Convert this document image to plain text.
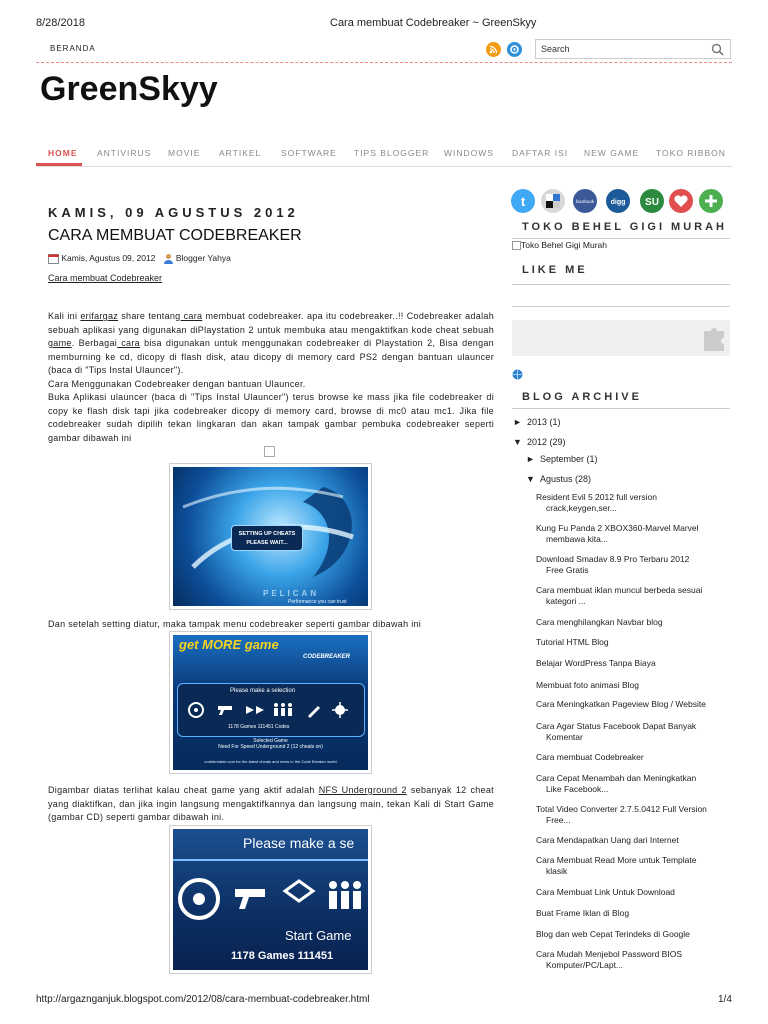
8/28/2018	Cara membuat Codebreaker ~ GreenSkyy
BERANDA	Search
GreenSkyy
HOME ANTIVIRUS MOVIE ARTIKEL SOFTWARE TIPS BLOGGER WINDOWS DAFTAR ISI NEW GAME TOKO RIBBON
KAMIS, 09 AGUSTUS 2012
CARA MEMBUAT CODEBREAKER
Kamis, Agustus 09, 2012 Blogger Yahya
Cara membuat Codebreaker
Kali ini erifargaz share tentang cara membuat codebreaker. apa itu codebreaker..!! Codebreaker adalah sebuah aplikasi yang digunakan diPlaystation 2 untuk membuka atau mengaktifkan kode cheat sebuah game. Berbagai cara bisa digunakan untuk menggunakan codebreaker di Playstation 2, Bisa dengan memburning ke cd, dicopy di flash disk, atau dicopy di memory card PS2 dengan bantuan ulauncer (baca di "Tips Instal Ulauncer").
Cara Menggunakan Codebreaker dengan bantuan Ulauncer.
Buka Aplikasi ulauncer (baca di "Tips Instal Ulauncer") terus browse ke mass jika file codebreaker di copy ke flash disk tapi jika codebreaker dicopy di memory card, browse di mc0 atau mc1. Jika file codebreaker sudah dipilih tekan lingkaran dan akan tampak gambar pembuka codebreaker seperti gambar dibawah ini
SETTING UP CHEATS
PLEASE WAIT...
PELICAN
Performance you can trust
Dan setelah setting diatur, maka tampak menu codebreaker seperti gambar dibawah ini
get MORE game
CODEBREAKER
Please make a selection
1178 Games 111451 Codes
Selected Game
Need For Speed Underground 2 (12 cheats on)
codebreaker.com for the latest cheats and news in the Code Breaker world
Digambar diatas terlihat kalau cheat game yang aktif adalah NFS Underground 2 sebanyak 12 cheat yang diaktifkan, dan jika ingin langsung mengaktifkannya dan langsung main, tekan Kali di Start Game (gambar CD) seperti gambar dibawah ini.
Please make a se
Start Game
1178 Games 111451
t	facebook digg SU
TOKO BEHEL GIGI MURAH
Toko Behel Gigi Murah
LIKE ME
BLOG ARCHIVE
► 2013 (1)
▼ 2012 (29)
► September (1)
▼ Agustus (28)
Resident Evil 5 2012 full version
crack,keygen,ser...
Kung Fu Panda 2 XBOX360-Marvel Marvel
membawa kita...
Download Smadav 8.9 Pro Terbaru 2012
Free Gratis
Cara membuat iklan muncul berbeda sesuai
kategori ...
Cara menghilangkan Navbar blog
Tutorial HTML Blog
Belajar WordPress Tanpa Biaya
Membuat foto animasi Blog
Cara Meningkatkan Pageview Blog / Website
Cara Agar Status Facebook Dapat Banyak
Komentar
Cara membuat Codebreaker
Cara Cepat Menambah dan Meningkatkan
Like Facebook...
Total Video Converter 2.7.5.0412 Full Version
Free...
Cara Mendapatkan Uang dari Internet
Cara Membuat Read More untuk Template
klasik
Cara Membuat Link Untuk Download
Buat Frame Iklan di Blog
Blog dan web Cepat Terindeks di Google
Cara Mudah Menjebol Password BIOS
Komputer/PC/Lapt...
http://argaznganjuk.blogspot.com/2012/08/cara-membuat-codebreaker.html	1/4
